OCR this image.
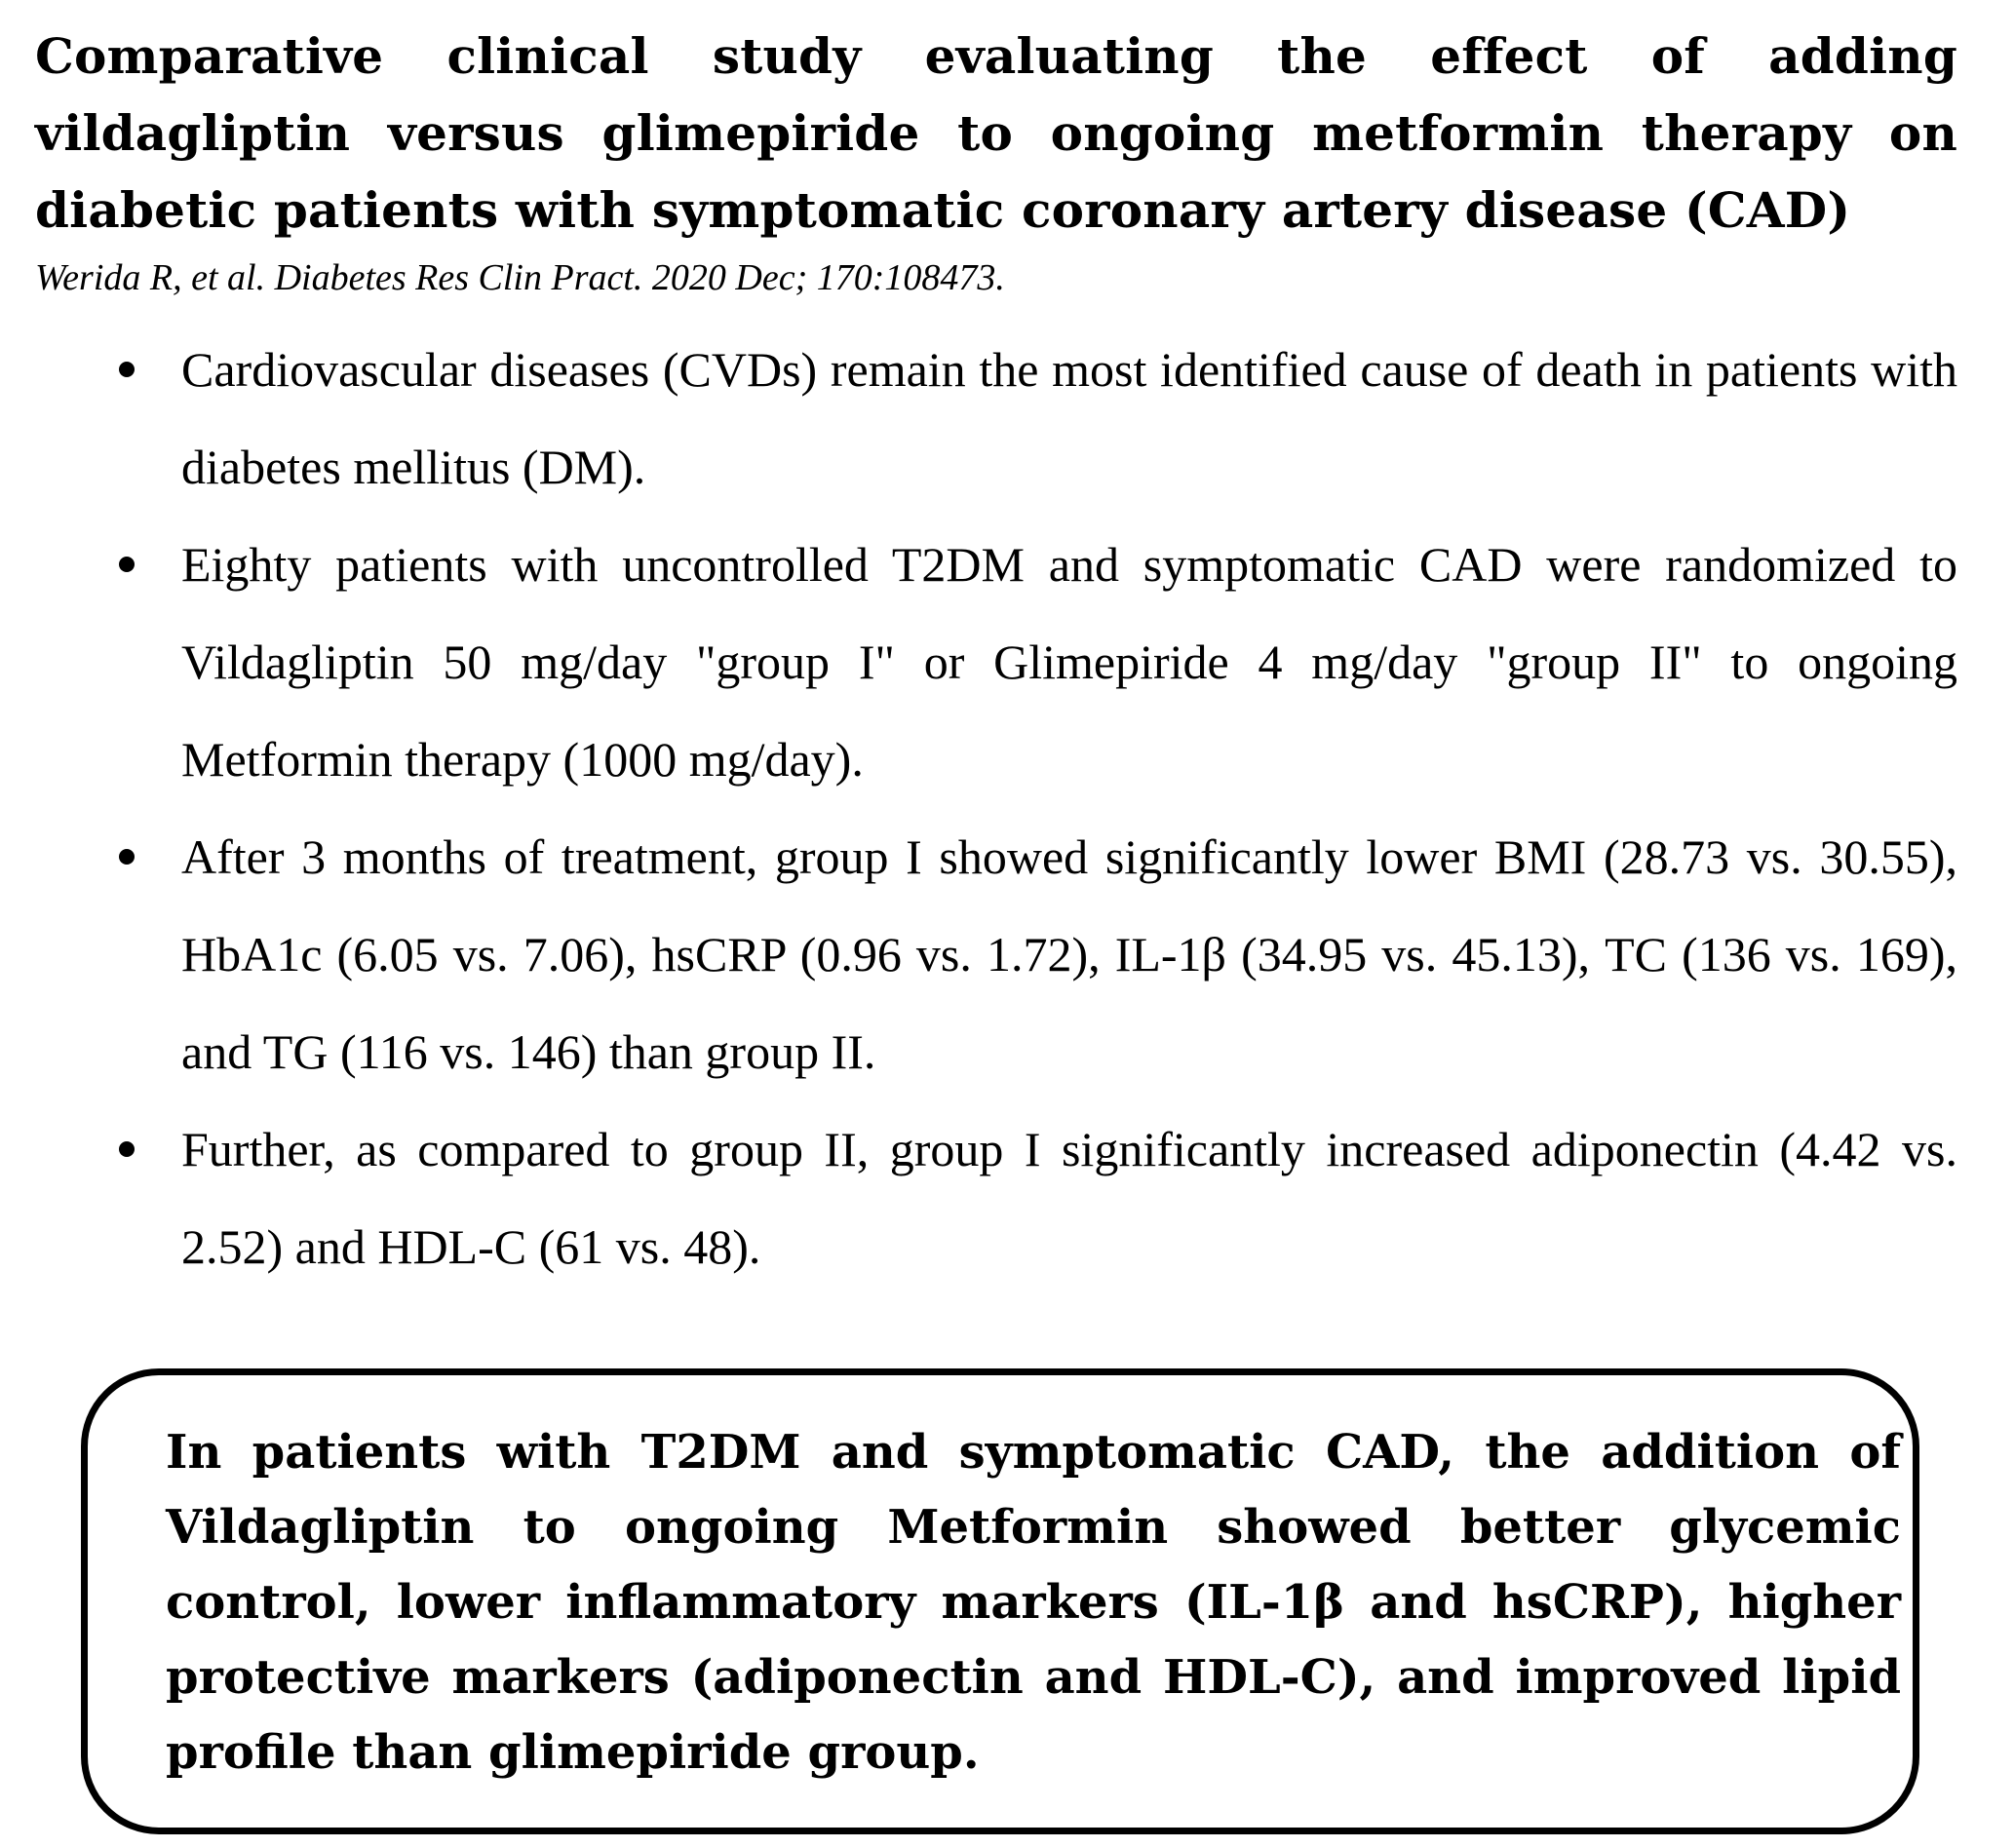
Comparative clinical study evaluating the effect of adding vildagliptin versus glimepiride to ongoing metformin therapy on diabetic patients with symptomatic coronary artery disease (CAD)

Werida R, et al. Diabetes Res Clin Pract. 2020 Dec; 170:108473.

Cardiovascular diseases (CVDs) remain the most identified cause of death in patients with diabetes mellitus (DM).
Eighty patients with uncontrolled T2DM and symptomatic CAD were randomized to Vildagliptin 50 mg/day "group I" or Glimepiride 4 mg/day "group II" to ongoing Metformin therapy (1000 mg/day).
After 3 months of treatment, group I showed significantly lower BMI (28.73 vs. 30.55), HbA1c (6.05 vs. 7.06), hsCRP (0.96 vs. 1.72), IL-1β (34.95 vs. 45.13), TC (136 vs. 169), and TG (116 vs. 146) than group II.
Further, as compared to group II, group I significantly increased adiponectin (4.42 vs. 2.52) and HDL-C (61 vs. 48).

In patients with T2DM and symptomatic CAD, the addition of Vildagliptin to ongoing Metformin showed better glycemic control, lower inflammatory markers (IL-1β and hsCRP), higher protective markers (adiponectin and HDL-C), and improved lipid profile than glimepiride group.
